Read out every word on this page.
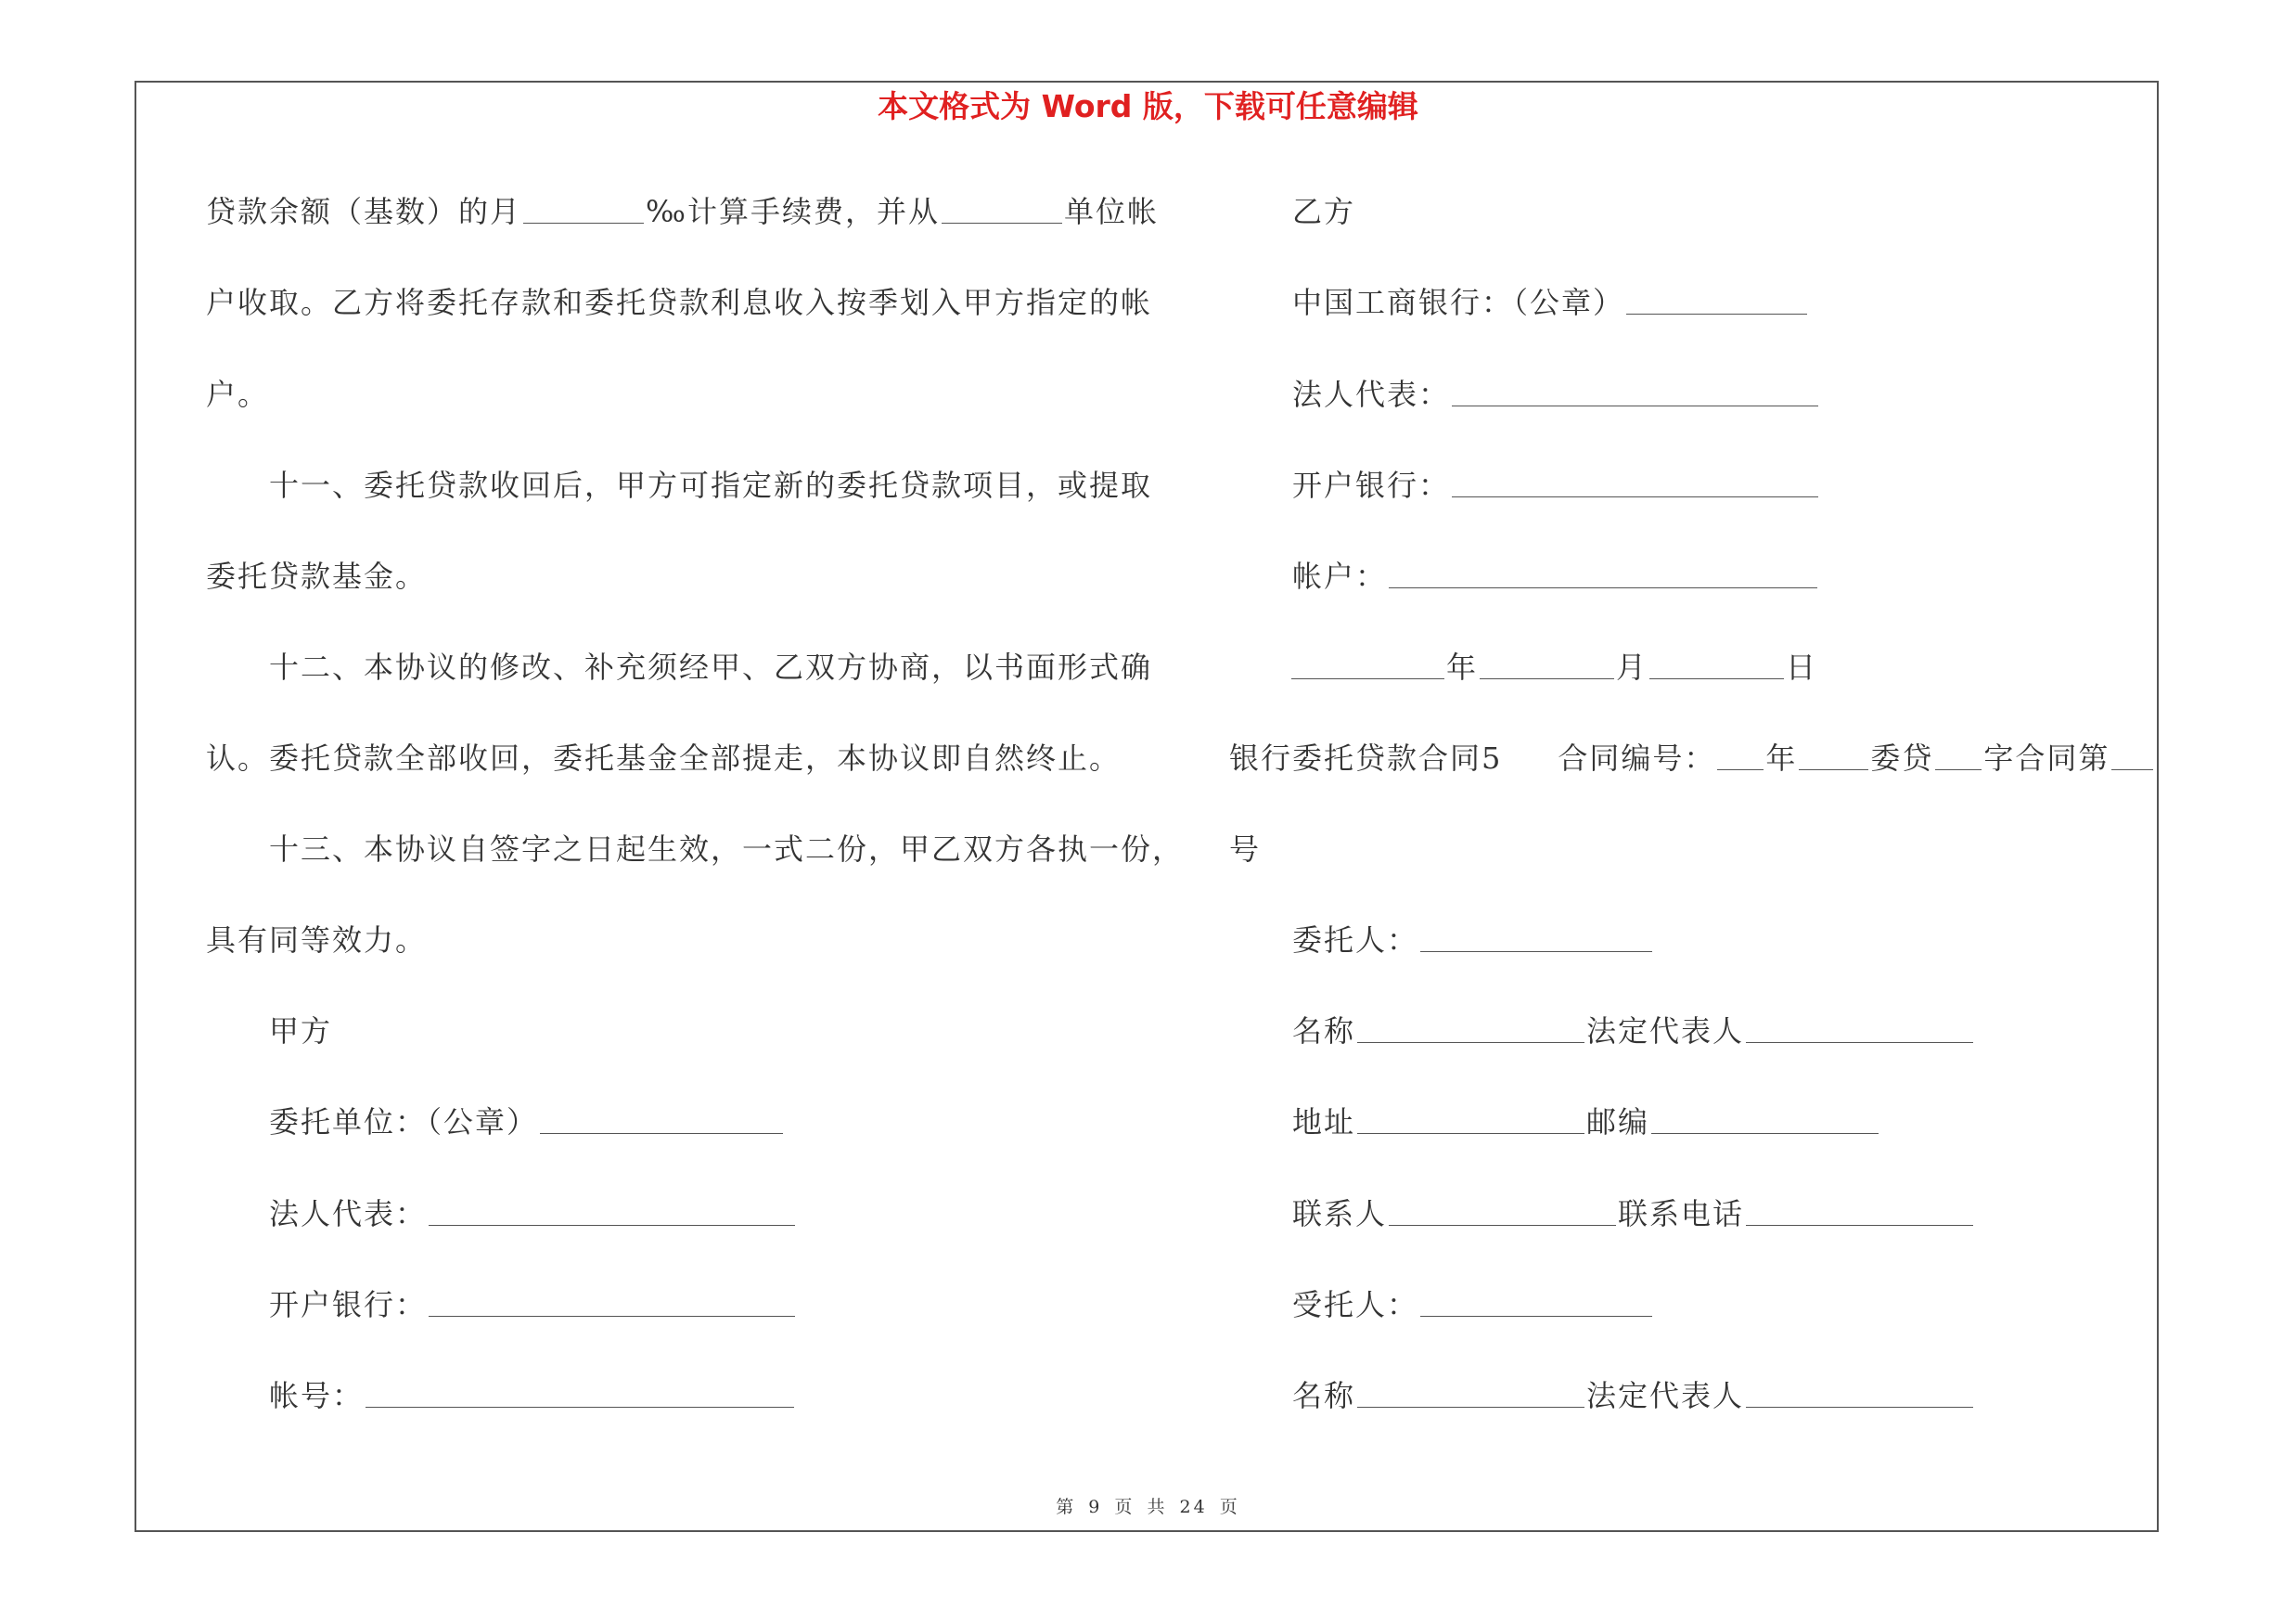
本文格式为 Word 版，下载可任意编辑
贷款余额（基数）的月	‰计算手续费，并从	单位帐
户收取。乙方将委托存款和委托贷款利息收入按季划入甲方指定的帐
户。
十一、委托贷款收回后，甲方可指定新的委托贷款项目，或提取
委托贷款基金。
十二、本协议的修改、补充须经甲、乙双方协商，以书面形式确
认。委托贷款全部收回，委托基金全部提走，本协议即自然终止。
十三、本协议自签字之日起生效，一式二份，甲乙双方各执一份，
具有同等效力。
甲方
委托单位：（公章）
法人代表：
开户银行：
帐号：
乙方
中国工商银行：（公章）
法人代表：
开户银行：
帐户：
年	月	日
银行委托贷款合同5 合同编号： 年 委贷 字合同第
号
委托人：
名称	法定代表人
地址	邮编
联系人	联系电话
受托人：
名称	法定代表人
第 9 页 共 24 页
